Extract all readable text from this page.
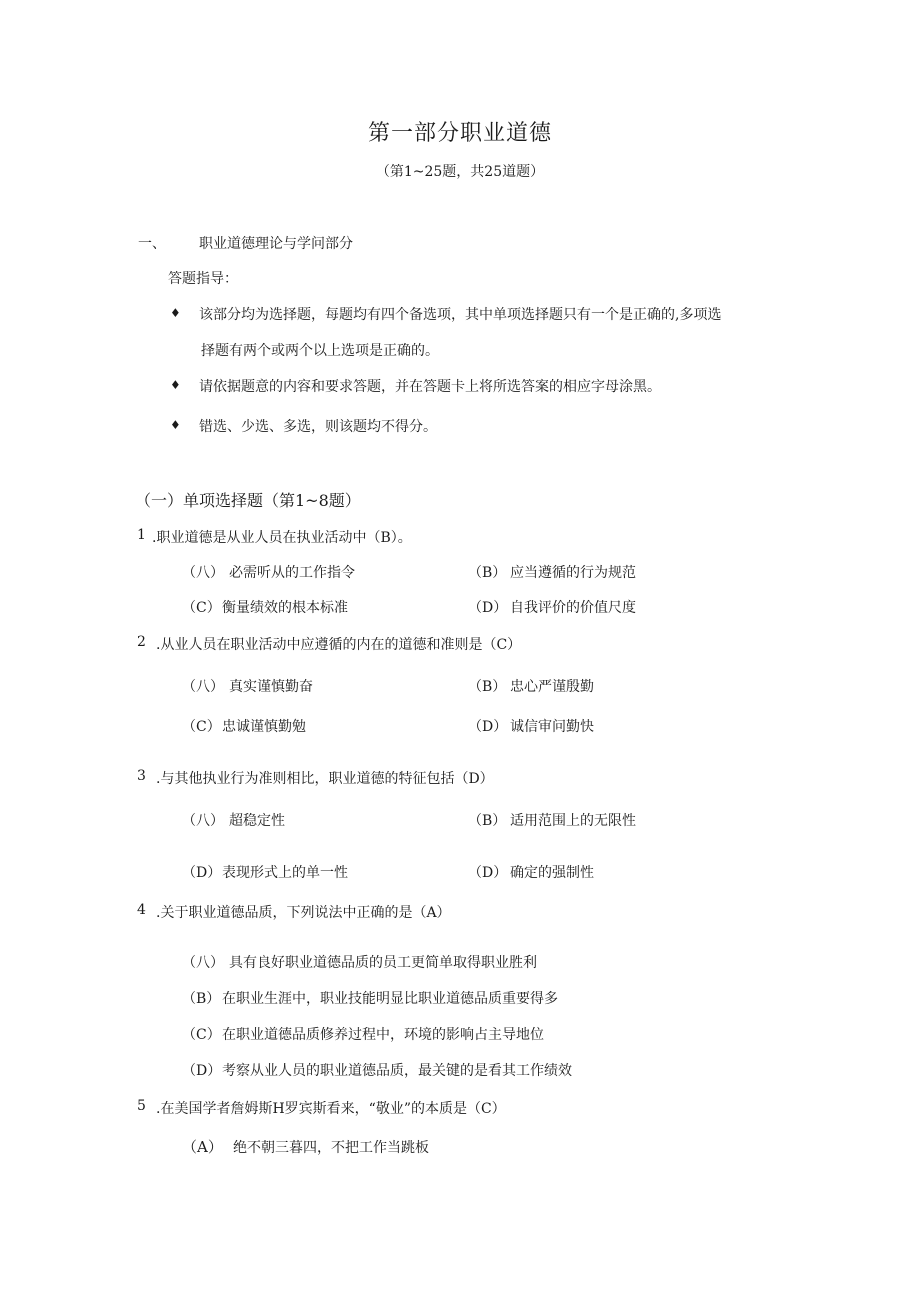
第一部分职业道德
（第1~25题，共25道题）
一、 职业道德理论与学问部分
答题指导：
♦ 该部分均为选择题，每题均有四个备选项，其中单项选择题只有一个是正确的,多项选
择题有两个或两个以上选项是正确的。
♦ 请依据题意的内容和要求答题，并在答题卡上将所选答案的相应字母涂黑。
♦ 错选、少选、多选，则该题均不得分。
（一）单项选择题（第1~8题）
1 .职业道德是从业人员在执业活动中（B）。
（八） 必需听从的工作指令	（B） 应当遵循的行为规范
（C） 衡量绩效的根本标准	（D） 自我评价的价值尺度
2 .从业人员在职业活动中应遵循的内在的道德和准则是（C）
（八） 真实谨慎勤奋	（B） 忠心严谨殷勤
（C） 忠诚谨慎勤勉	（D） 诚信审问勤快
3 .与其他执业行为准则相比，职业道德的特征包括（D）
（八） 超稳定性	（B） 适用范围上的无限性
（D） 表现形式上的单一性	（D） 确定的强制性
4 .关于职业道德品质，下列说法中正确的是（A）
（八） 具有良好职业道德品质的员工更简单取得职业胜利
（B） 在职业生涯中，职业技能明显比职业道德品质重要得多
（C） 在职业道德品质修养过程中，环境的影响占主导地位
（D） 考察从业人员的职业道德品质，最关键的是看其工作绩效
5 .在美国学者詹姆斯H罗宾斯看来，“敬业”的本质是（C）
（A） 绝不朝三暮四，不把工作当跳板
